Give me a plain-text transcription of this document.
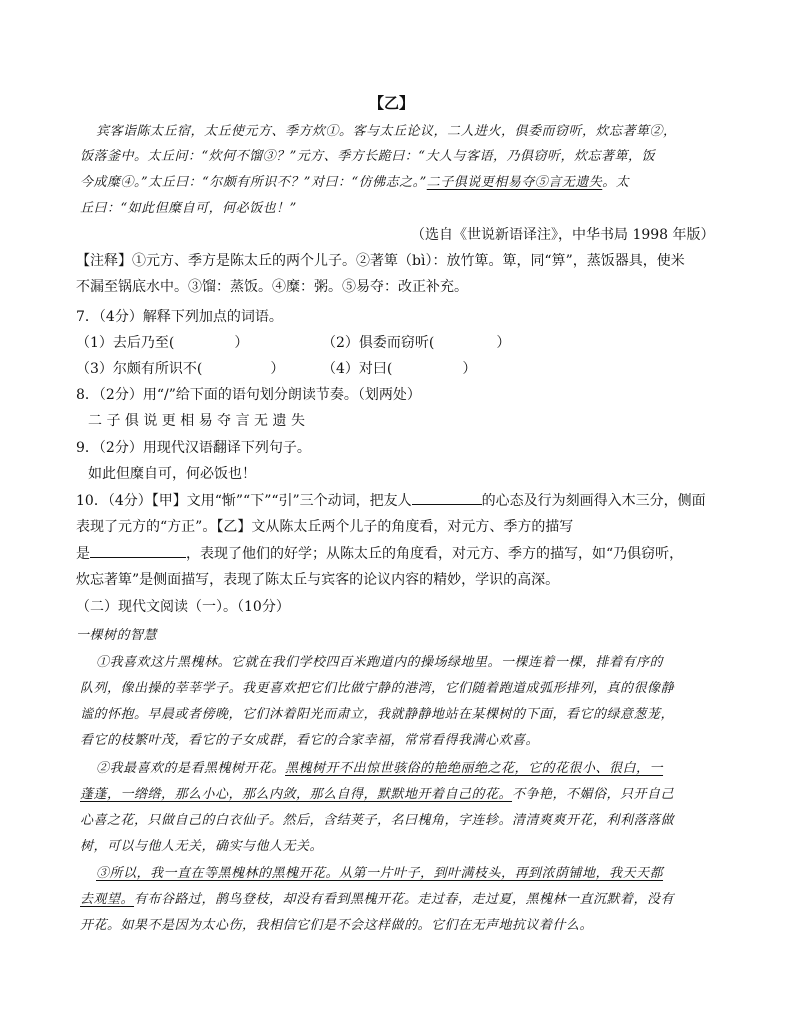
【乙】
宾客诣陈太丘宿，太丘使元方、季方炊①。客与太丘论议，二人进火，俱委而窃听，炊忘著箄②，
饭落釜中。太丘问：“炊何不馏③？”元方、季方长跪曰：“大人与客语，乃俱窃听，炊忘著箄，饭
今成糜④。”太丘曰：“尔颇有所识不？”对曰：“仿佛志之。”二子俱说更相易夺⑤言无遗失。太
丘曰：“如此但糜自可，何必饭也！”
（选自《世说新语译注》，中华书局 1998 年版）
【注释】①元方、季方是陈太丘的两个儿子。②著箄（bì）：放竹箄。箄，同“箅”，蒸饭器具，使米
不漏至锅底水中。③馏：蒸饭。④糜：粥。⑤易夺：改正补充。
7．（4分）解释下列加点的词语。
（1）去后乃至(	）	（2）俱委而窃听(	）
（3）尔颇有所识不(	）	（4）对曰(	）
8．（2分）用“/”给下面的语句划分朗读节奏。（划两处）
二 子 俱 说 更 相 易 夺 言 无 遗 失
9．（2分）用现代汉语翻译下列句子。
如此但糜自可，何必饭也！
10．（4分）【甲】文用“惭”“下”“引”三个动词，把友人	的心态及行为刻画得入木三分，侧面
表现了元方的“方正”。【乙】文从陈太丘两个儿子的角度看，对元方、季方的描写
是	，表现了他们的好学；从陈太丘的角度看，对元方、季方的描写，如“乃俱窃听，
炊忘著箄”是侧面描写，表现了陈太丘与宾客的论议内容的精妙，学识的高深。
（二）现代文阅读（一）。（10分）
一棵树的智慧
①我喜欢这片黑槐林。它就在我们学校四百米跑道内的操场绿地里。一棵连着一棵，排着有序的
队列，像出操的莘莘学子。我更喜欢把它们比做宁静的港湾，它们随着跑道成弧形排列，真的很像静
谧的怀抱。早晨或者傍晚，它们沐着阳光而肃立，我就静静地站在某棵树的下面，看它的绿意葱茏，
看它的枝繁叶茂，看它的子女成群，看它的合家幸福，常常看得我满心欢喜。
②我最喜欢的是看黑槐树开花。黑槐树开不出惊世骇俗的艳绝丽绝之花，它的花很小、很白，一
蓬蓬，一绺绺，那么小心，那么内敛，那么自得，默默地开着自己的花。不争艳，不媚俗，只开自己
心喜之花，只做自己的白衣仙子。然后，含结荚子，名曰槐角，字连轸。清清爽爽开花，利利落落做
树，可以与他人无关，确实与他人无关。
③所以，我一直在等黑槐林的黑槐开花。从第一片叶子，到叶满枝头，再到浓荫铺地，我天天都
去观望。有布谷路过，鹊鸟登枝，却没有看到黑槐开花。走过春，走过夏，黑槐林一直沉默着，没有
开花。如果不是因为太心伤，我相信它们是不会这样做的。它们在无声地抗议着什么。
